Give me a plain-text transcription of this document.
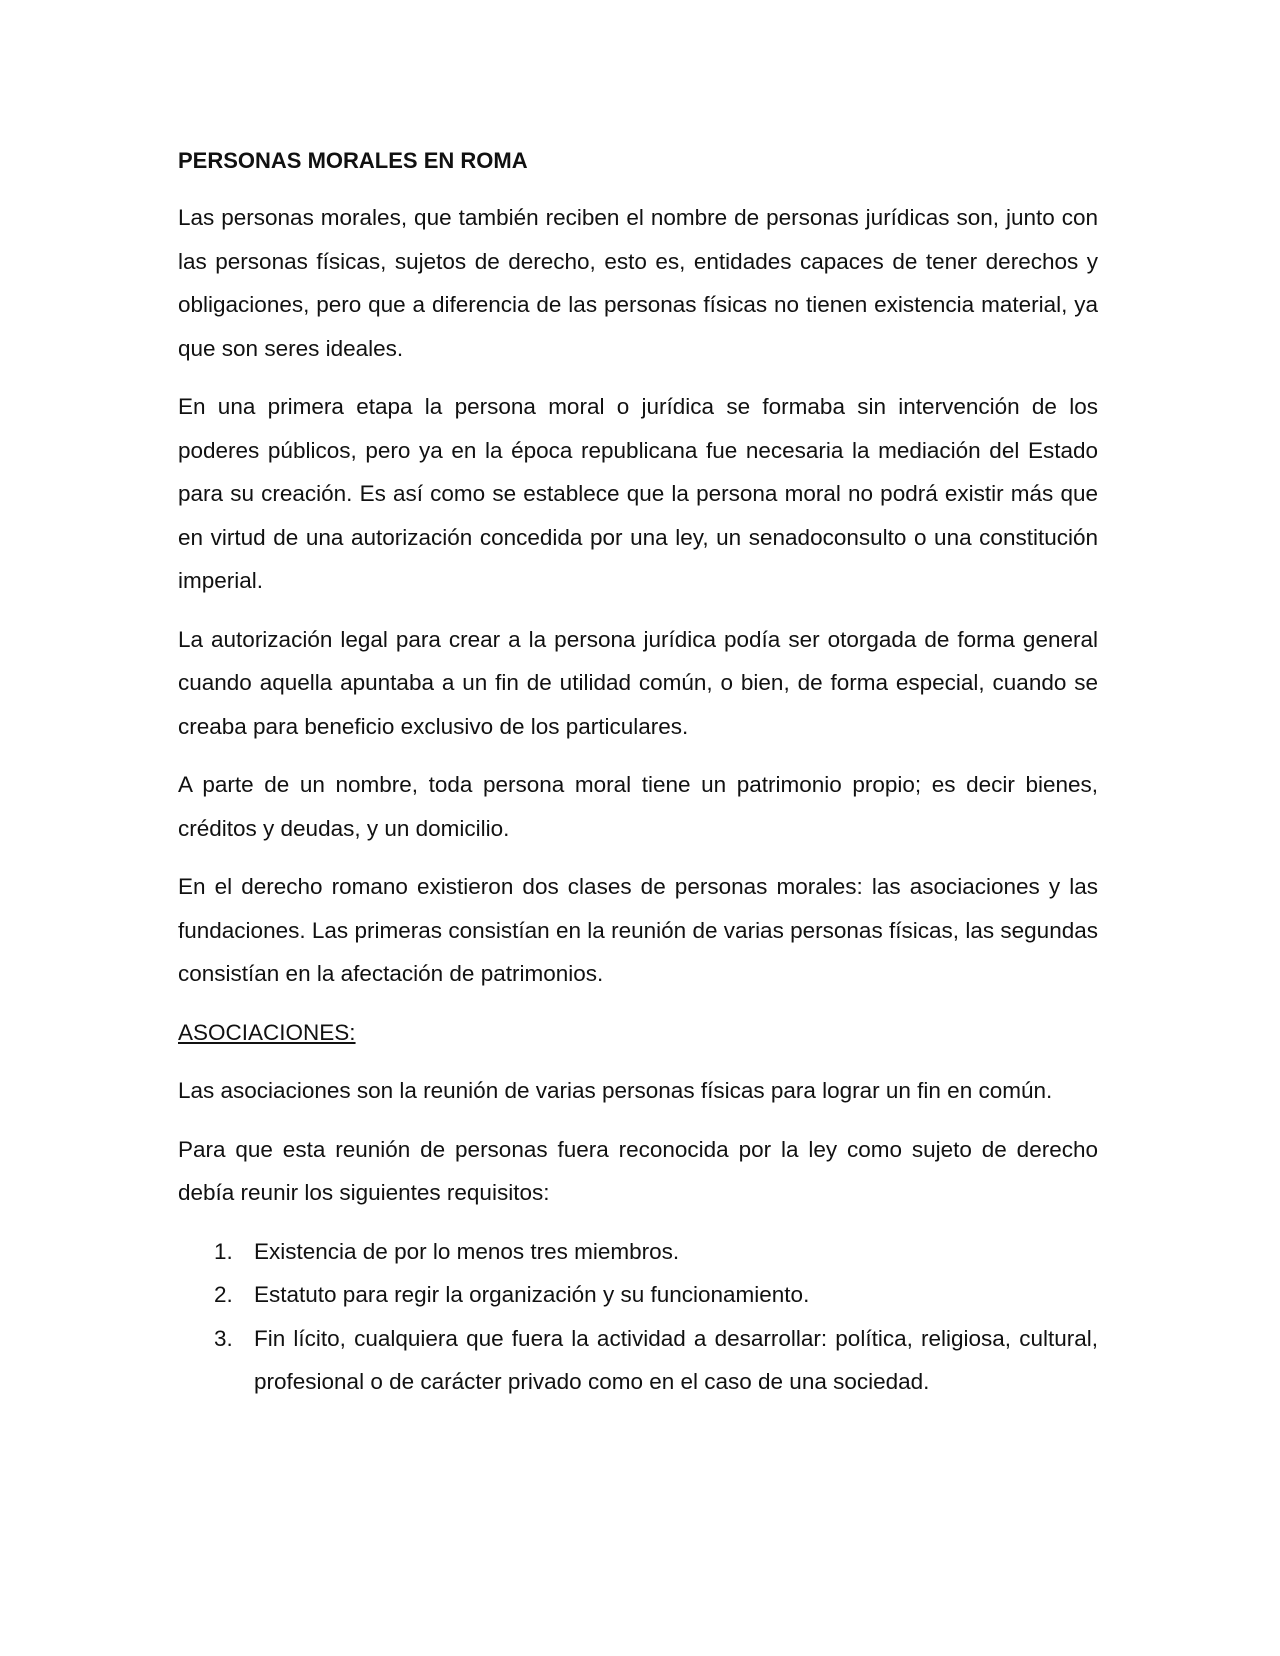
PERSONAS MORALES EN ROMA

Las personas morales, que también reciben el nombre de personas jurídicas son, junto con las personas físicas, sujetos de derecho, esto es, entidades capaces de tener derechos y obligaciones, pero que a diferencia de las personas físicas no tienen existencia material, ya que son seres ideales.

En una primera etapa la persona moral o jurídica se formaba sin intervención de los poderes públicos, pero ya en la época republicana fue necesaria la mediación del Estado para su creación. Es así como se establece que la persona moral no podrá existir más que en virtud de una autorización concedida por una ley, un senadoconsulto o una constitución imperial.

La autorización legal para crear a la persona jurídica podía ser otorgada de forma general cuando aquella apuntaba a un fin de utilidad común, o bien, de forma especial, cuando se creaba para beneficio exclusivo de los particulares.

A parte de un nombre, toda persona moral tiene un patrimonio propio; es decir bienes, créditos y deudas, y un domicilio.

En el derecho romano existieron dos clases de personas morales: las asociaciones y las fundaciones. Las primeras consistían en la reunión de varias personas físicas, las segundas consistían en la afectación de patrimonios.

ASOCIACIONES:

Las asociaciones son la reunión de varias personas físicas para lograr un fin en común.

Para que esta reunión de personas fuera reconocida por la ley como sujeto de derecho debía reunir los siguientes requisitos:

1. Existencia de por lo menos tres miembros.
2. Estatuto para regir la organización y su funcionamiento.
3. Fin lícito, cualquiera que fuera la actividad a desarrollar: política, religiosa, cultural, profesional o de carácter privado como en el caso de una sociedad.
